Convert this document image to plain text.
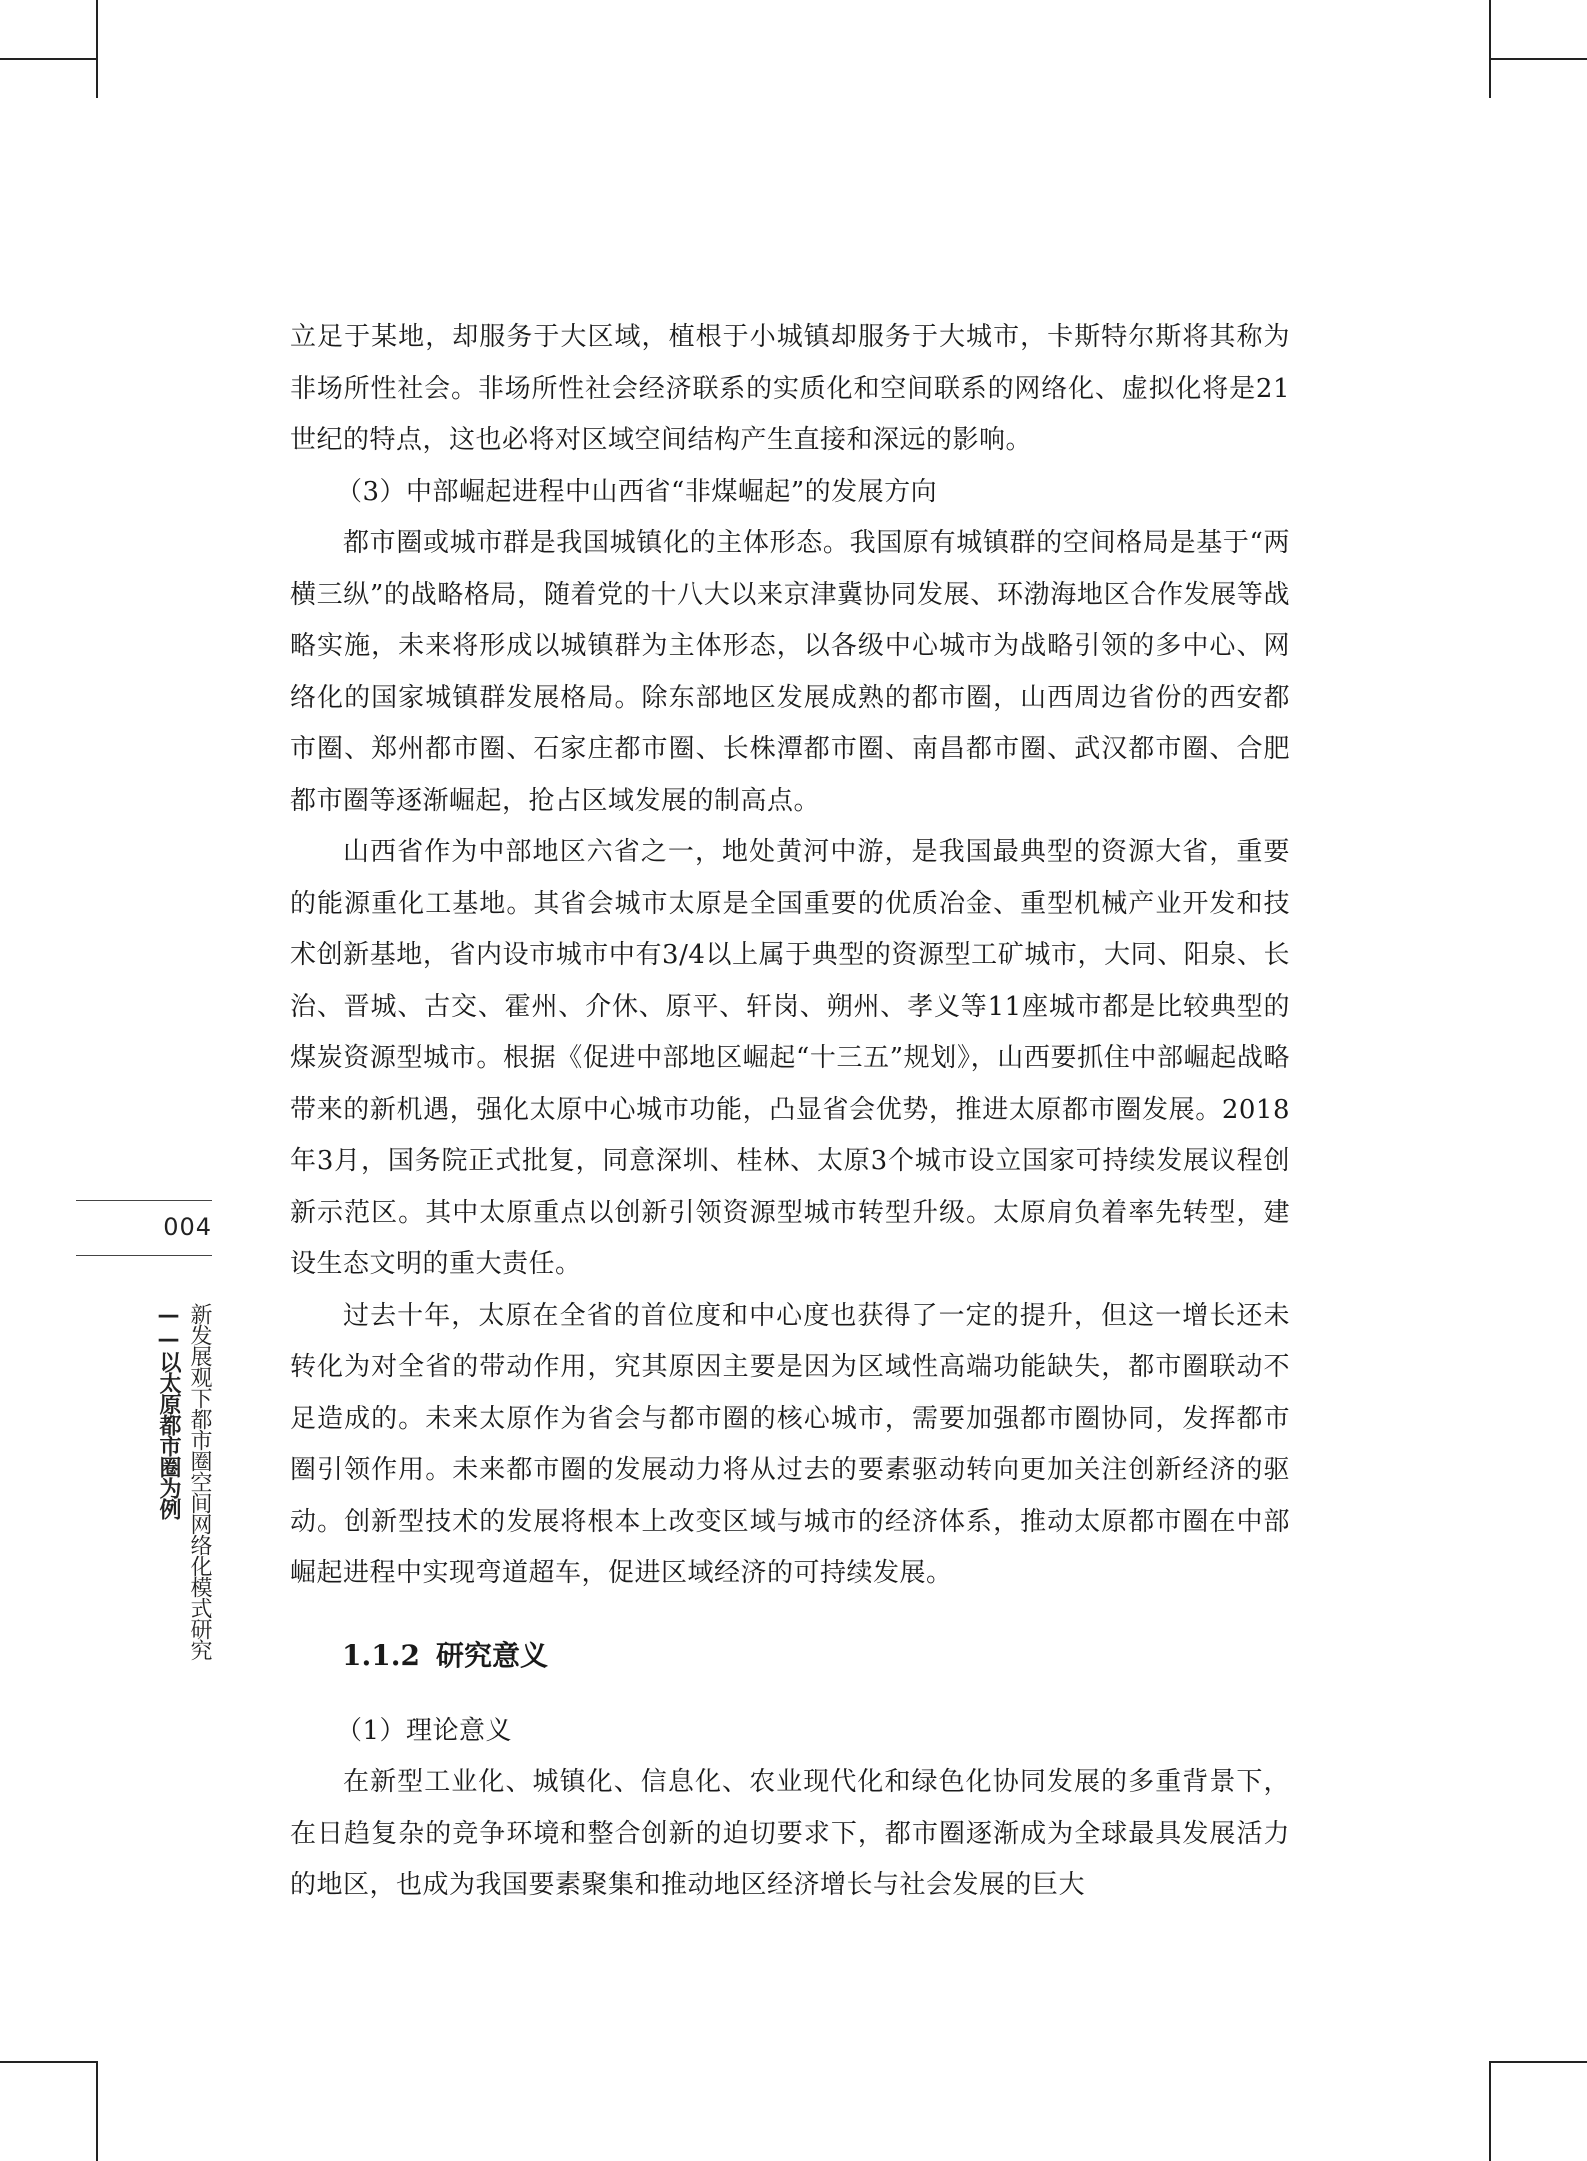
004
新发展观下都市圈空间网络化模式研究
——以太原都市圈为例

立足于某地，却服务于大区域，植根于小城镇却服务于大城市，卡斯特尔斯将其称为非场所性社会。非场所性社会经济联系的实质化和空间联系的网络化、虚拟化将是21世纪的特点，这也必将对区域空间结构产生直接和深远的影响。

（3）中部崛起进程中山西省“非煤崛起”的发展方向

都市圈或城市群是我国城镇化的主体形态。我国原有城镇群的空间格局是基于“两横三纵”的战略格局，随着党的十八大以来京津冀协同发展、环渤海地区合作发展等战略实施，未来将形成以城镇群为主体形态，以各级中心城市为战略引领的多中心、网络化的国家城镇群发展格局。除东部地区发展成熟的都市圈，山西周边省份的西安都市圈、郑州都市圈、石家庄都市圈、长株潭都市圈、南昌都市圈、武汉都市圈、合肥都市圈等逐渐崛起，抢占区域发展的制高点。

山西省作为中部地区六省之一，地处黄河中游，是我国最典型的资源大省，重要的能源重化工基地。其省会城市太原是全国重要的优质冶金、重型机械产业开发和技术创新基地，省内设市城市中有3/4以上属于典型的资源型工矿城市，大同、阳泉、长治、晋城、古交、霍州、介休、原平、轩岗、朔州、孝义等11座城市都是比较典型的煤炭资源型城市。根据《促进中部地区崛起“十三五”规划》，山西要抓住中部崛起战略带来的新机遇，强化太原中心城市功能，凸显省会优势，推进太原都市圈发展。2018年3月，国务院正式批复，同意深圳、桂林、太原3个城市设立国家可持续发展议程创新示范区。其中太原重点以创新引领资源型城市转型升级。太原肩负着率先转型，建设生态文明的重大责任。

过去十年，太原在全省的首位度和中心度也获得了一定的提升，但这一增长还未转化为对全省的带动作用，究其原因主要是因为区域性高端功能缺失，都市圈联动不足造成的。未来太原作为省会与都市圈的核心城市，需要加强都市圈协同，发挥都市圈引领作用。未来都市圈的发展动力将从过去的要素驱动转向更加关注创新经济的驱动。创新型技术的发展将根本上改变区域与城市的经济体系，推动太原都市圈在中部崛起进程中实现弯道超车，促进区域经济的可持续发展。

1.1.2 研究意义

（1）理论意义

在新型工业化、城镇化、信息化、农业现代化和绿色化协同发展的多重背景下，在日趋复杂的竞争环境和整合创新的迫切要求下，都市圈逐渐成为全球最具发展活力的地区，也成为我国要素聚集和推动地区经济增长与社会发展的巨大
